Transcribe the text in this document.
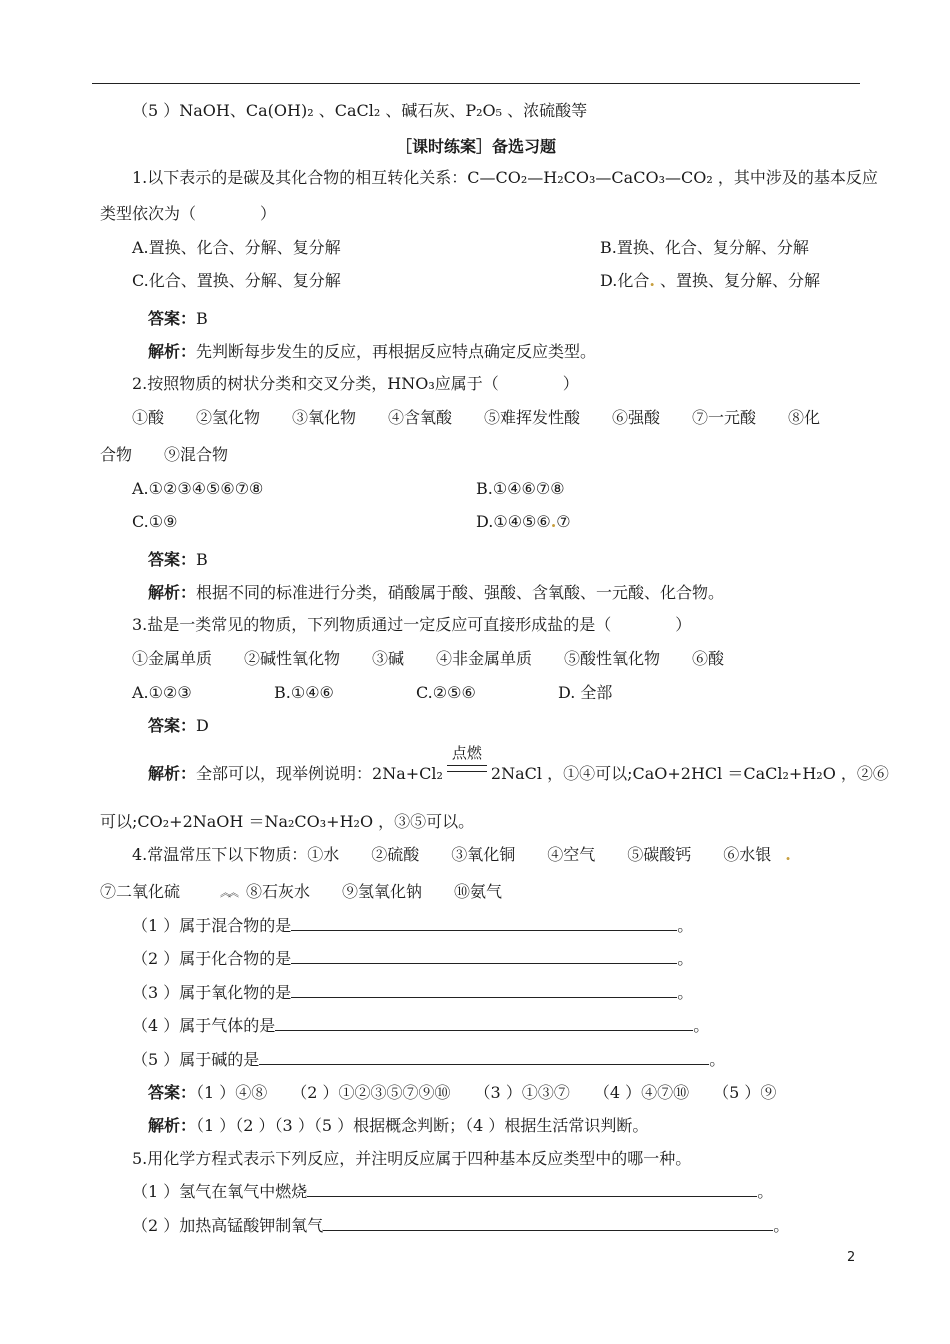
（5 ）NaOH、Ca(OH)₂ 、CaCl₂ 、碱石灰、P₂O₅ 、浓硫酸等
［课时练案］备选习题
1.以下表示的是碳及其化合物的相互转化关系：C—CO₂—H₂CO₃—CaCO₃—CO₂ ，其中涉及的基本反应
类型依次为（　　　　）
A.置换、化合、分解、复分解	B.置换、化合、复分解、分解
C.化合、置换、分解、复分解	D.化合. 、置换、复分解、分解
答案：B
解析：先判断每步发生的反应，再根据反应特点确定反应类型。
2.按照物质的树状分类和交叉分类，HNO₃应属于（　　　　）
①酸　　②氢化物　　③氧化物　　④含氧酸　　⑤难挥发性酸　　⑥强酸　　⑦一元酸　　⑧化
合物　　⑨混合物
A.①②③④⑤⑥⑦⑧	B.①④⑥⑦⑧
C.①⑨	D.①④⑤⑥.⑦
答案：B
解析：根据不同的标准进行分类，硝酸属于酸、强酸、含氧酸、一元酸、化合物。
3.盐是一类常见的物质，下列物质通过一定反应可直接形成盐的是（　　　　）
①金属单质　　②碱性氧化物　　③碱　　④非金属单质　　⑤酸性氧化物　　⑥酸
A.①②③	B.①④⑥	C.②⑤⑥	D. 全部
答案：D
解析：全部可以，现举例说明：2Na+Cl₂
点燃
2NaCl ，①④可以;CaO+2HCl ＝CaCl₂+H₂O ，②⑥
可以;CO₂+2NaOH ＝Na₂CO₃+H₂O ，③⑤可以。
4.常温常压下以下物质：①水　　②硫酸　　③氧化铜　　④空气　　⑤碳酸钙　　⑥水银 .
⑦二氧化硫	︽︽ ⑧石灰水　　⑨氢氧化钠　　⑩氨气
（1 ）属于混合物的是	。
（2 ）属于化合物的是	。
（3 ）属于氧化物的是	。
（4 ）属于气体的是	。
（5 ）属于碱的是	。
答案：（1 ）④⑧　　（2 ）①②③⑤⑦⑨⑩　　（3 ）①③⑦　　（4 ）④⑦⑩　　（5 ）⑨
解析：（1 ）（2 ）（3 ）（5 ）根据概念判断；（4 ）根据生活常识判断。
5.用化学方程式表示下列反应，并注明反应属于四种基本反应类型中的哪一种。
（1 ）氢气在氧气中燃烧	。
（2 ）加热高锰酸钾制氧气	。
2
